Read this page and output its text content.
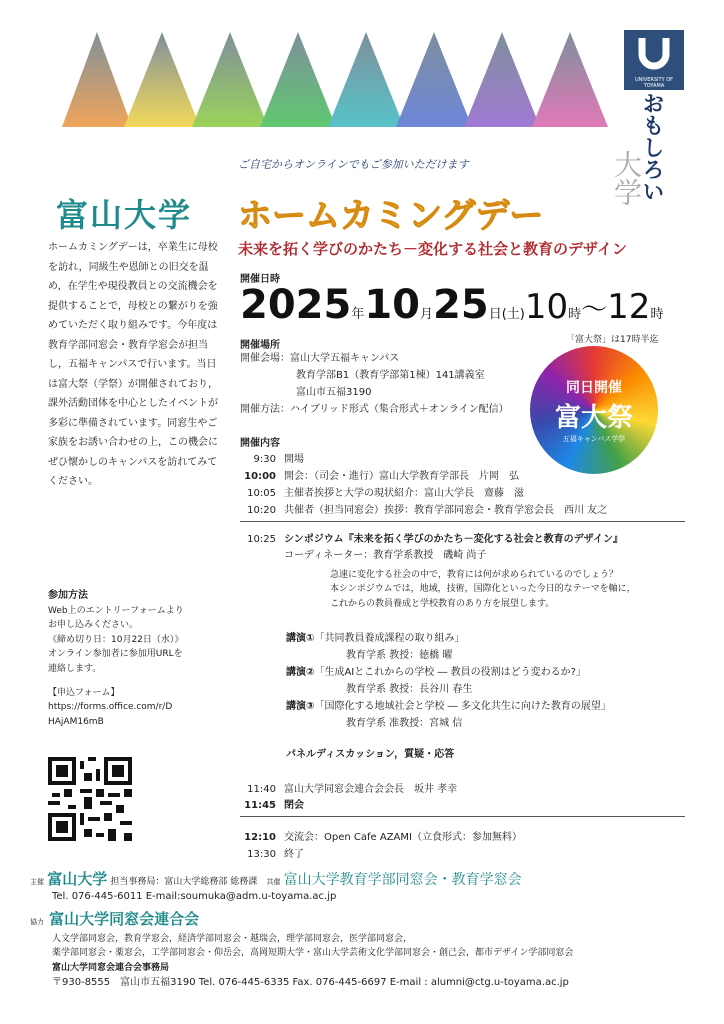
UNIVERSITY OF TOYAMA
おもしろい
大学
ご自宅からオンラインでもご参加いただけます
富山大学 ホームカミングデー
未来を拓く学びのかたち－変化する社会と教育のデザイン
ホームカミングデーは，卒業生に母校を訪れ，同級生や恩師との旧交を温め，在学生や現役教員との交流機会を提供することで，母校との繋がりを強めていただく取り組みです。今年度は教育学部同窓会・教育学窓会が担当し，五福キャンパスで行います。当日は富大祭（学祭）が開催されており，課外活動団体を中心としたイベントが多彩に準備されています。同窓生やご家族をお誘い合わせの上，この機会にぜひ懐かしのキャンパスを訪れてみてください。
開催日時
2025年10月25日(土)10時～12時
「富大祭」は17時半迄
開催場所
開催会場：富山大学五福キャンパス
教育学部B1（教育学部第1棟）141講義室
富山市五福3190
開催方法：ハイブリッド形式（集合形式＋オンライン配信）
同日開催
富大祭
五福キャンパス学祭
開催内容
9:30 開場
10:00 開会：（司会・進行）富山大学教育学部長　片岡　弘
10:05 主催者挨拶と大学の現状紹介：富山大学長　齋藤　滋
10:20 共催者（担当同窓会）挨拶：教育学部同窓会・教育学窓会長　西川 友之
10:25 シンポジウム『未来を拓く学びのかたち－変化する社会と教育のデザイン』
コーディネーター：教育学系教授　磯崎 尚子
急速に変化する社会の中で，教育には何が求められているのでしょう？
本シンポジウムでは，地域，技術，国際化といった今日的なテーマを軸に，
これからの教員養成と学校教育のあり方を展望します。
講演①「共同教員養成課程の取り組み」
教育学系 教授：徳橋 曜
講演②「生成AIとこれからの学校 ― 教員の役割はどう変わるか?」
教育学系 教授：長谷川 春生
講演③「国際化する地域社会と学校 ― 多文化共生に向けた教育の展望」
教育学系 准教授：宮城 信
パネルディスカッション，質疑・応答
11:40 富山大学同窓会連合会会長　坂井 孝幸
11:45 閉会
12:10 交流会：Open Cafe AZAMI（立食形式：参加無料）
13:30 終了
参加方法
Web上のエントリーフォームより
お申し込みください。
《締め切り日：10月22日（水）》
オンライン参加者に参加用URLを
連絡します。
【申込フォーム】
https://forms.office.com/r/D
HAjAM16mB
主催 富山大学 担当事務局：富山大学総務部 総務課 共催 富山大学教育学部同窓会・教育学窓会
Tel. 076-445-6011 E-mail:soumuka@adm.u-toyama.ac.jp
協力 富山大学同窓会連合会
人文学部同窓会，教育学窓会，経済学部同窓会・越瑞会，理学部同窓会，医学部同窓会，
薬学部同窓会・薬窓会，工学部同窓会・仰岳会，高岡短期大学・富山大学芸術文化学部同窓会・創己会，都市デザイン学部同窓会
富山大学同窓会連合会事務局
〒930-8555　富山市五福3190 Tel. 076-445-6335 Fax. 076-445-6697 E-mail : alumni@ctg.u-toyama.ac.jp
